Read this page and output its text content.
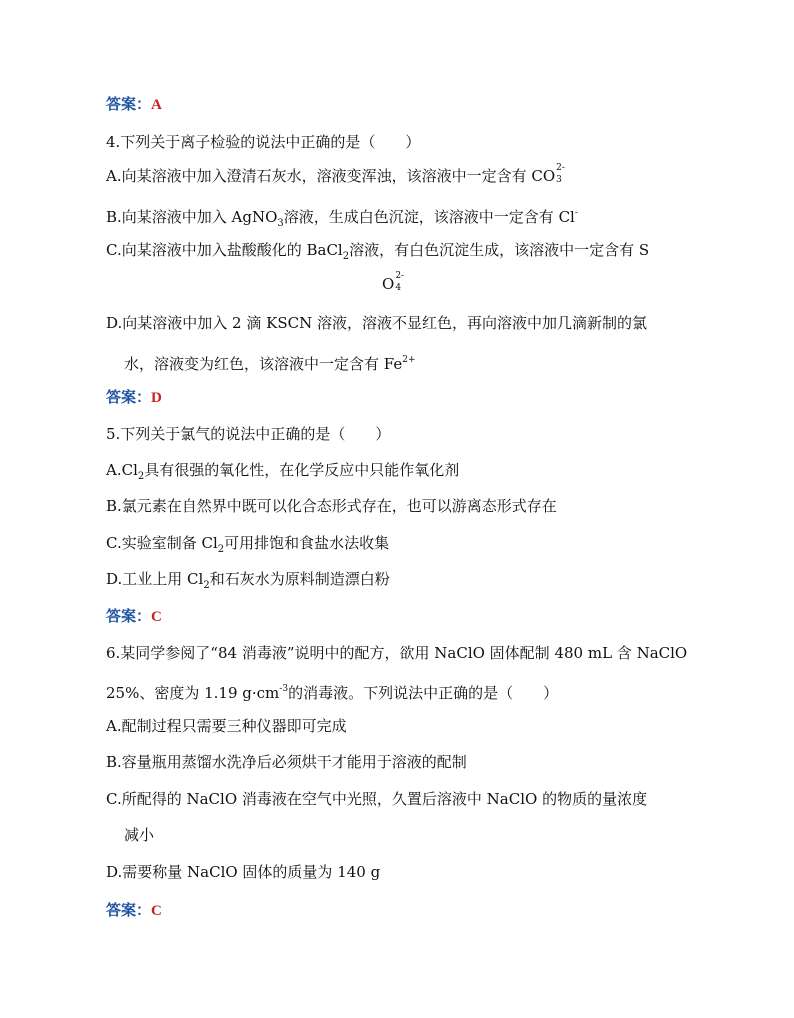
答案：A
4.下列关于离子检验的说法中正确的是（　　）
A.向某溶液中加入澄清石灰水，溶液变浑浊，该溶液中一定含有 CO 2-
3
B.向某溶液中加入 AgNO$_3$溶液，生成白色沉淀，该溶液中一定含有 Cl-
C.向某溶液中加入盐酸酸化的 BaCl$_2$溶液，有白色沉淀生成，该溶液中一定含有 S
O 2-
4
D.向某溶液中加入 2 滴 KSCN 溶液，溶液不显红色，再向溶液中加几滴新制的氯
水，溶液变为红色，该溶液中一定含有 $Fe^{2+}$
答案：D
5.下列关于氯气的说法中正确的是（　　）
$A.Cl_2$具有很强的氧化性，在化学反应中只能作氧化剂
B.氯元素在自然界中既可以化合态形式存在，也可以游离态形式存在
C.实验室制备 $Cl_2$可用排饱和食盐水法收集
D.工业上用 $Cl_2$和石灰水为原料制造漂白粉
答案：C
6.某同学参阅了“84 消毒液”说明中的配方，欲用 NaClO 固体配制 480 mL 含 NaClO
25%、密度为 1.19 $g\cdot cm^{-3}$的消毒液。下列说法中正确的是（　　）
A.配制过程只需要三种仪器即可完成
B.容量瓶用蒸馏水洗净后必须烘干才能用于溶液的配制
C.所配得的 NaClO 消毒液在空气中光照，久置后溶液中 NaClO 的物质的量浓度
减小
D.需要称量 NaClO 固体的质量为 140 g
答案：C
